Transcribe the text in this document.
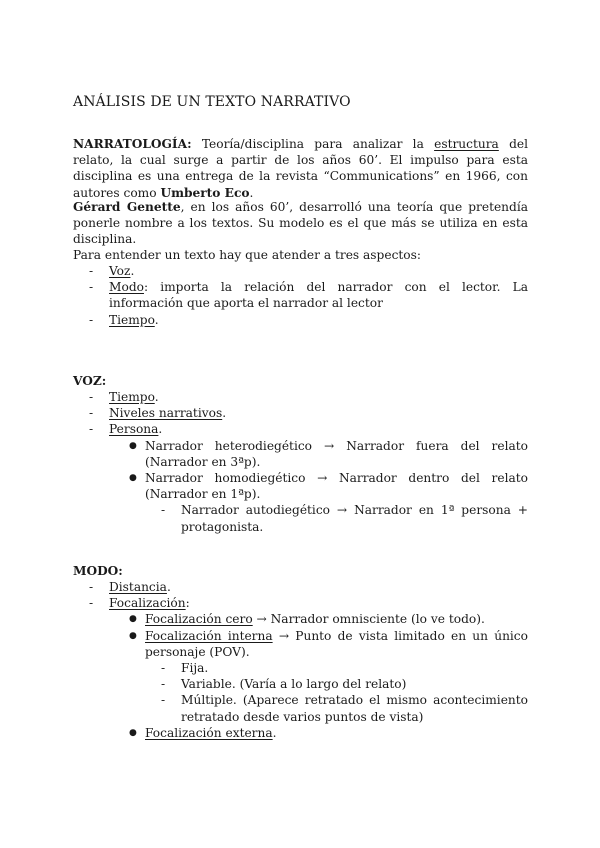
ANÁLISIS DE UN TEXTO NARRATIVO
NARRATOLOGÍA: Teoría/disciplina para analizar la estructura del relato, la cual surge a partir de los años 60’. El impulso para esta disciplina es una entrega de la revista “Communications” en 1966, con autores como Umberto Eco.
Gérard Genette, en los años 60’, desarrolló una teoría que pretendía ponerle nombre a los textos. Su modelo es el que más se utiliza en esta disciplina.
Para entender un texto hay que atender a tres aspectos:
-	Voz.
-	Modo: importa la relación del narrador con el lector. La información que aporta el narrador al lector
-	Tiempo.
VOZ:
-	Tiempo.
-	Niveles narrativos.
-	Persona.
● Narrador heterodiegético → Narrador fuera del relato (Narrador en 3ªp).
● Narrador homodiegético → Narrador dentro del relato (Narrador en 1ªp).
-	Narrador autodiegético → Narrador en 1ª persona + protagonista.
MODO:
-	Distancia.
-	Focalización:
● Focalización cero → Narrador omnisciente (lo ve todo).
● Focalización interna → Punto de vista limitado en un único personaje (POV).
-	Fija.
-	Variable. (Varía a lo largo del relato)
-	Múltiple. (Aparece retratado el mismo acontecimiento retratado desde varios puntos de vista)
● Focalización externa.
